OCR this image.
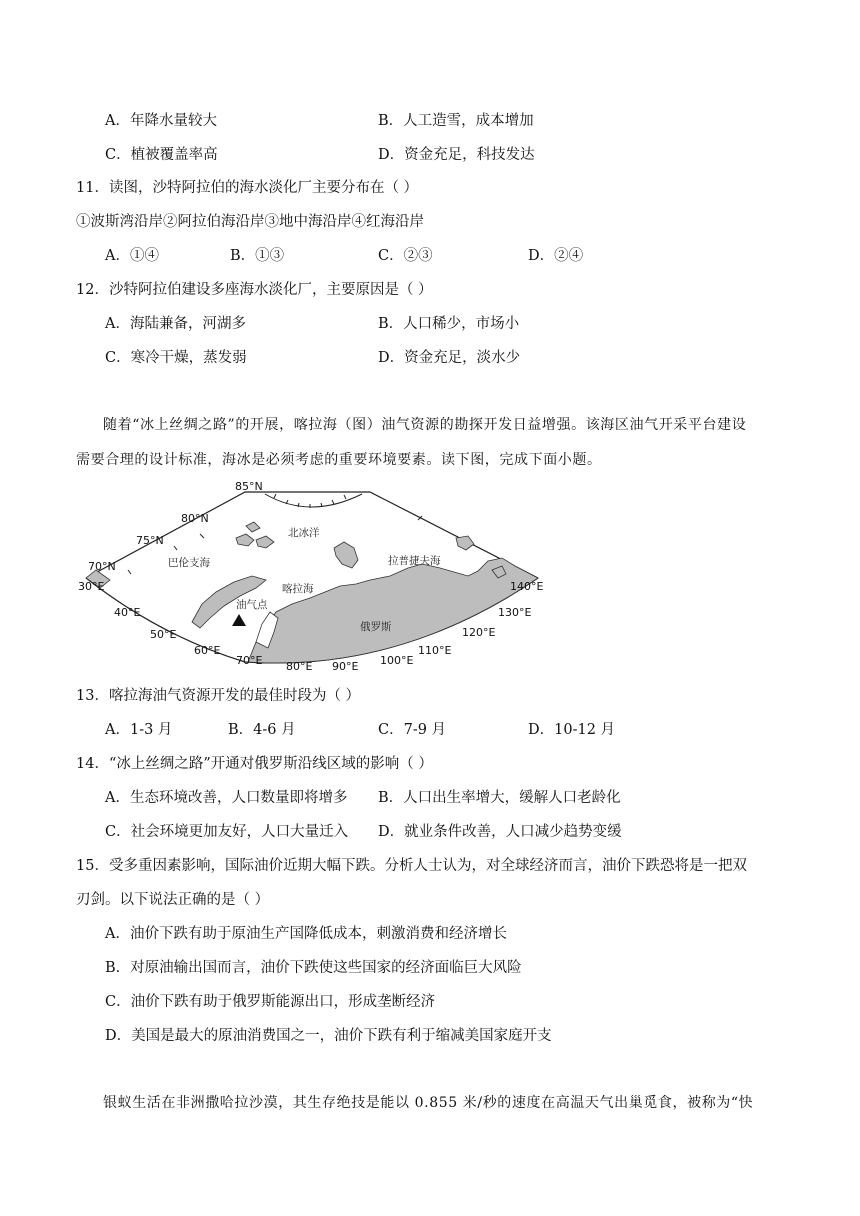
A．年降水量较大	B．人工造雪，成本增加
C．植被覆盖率高	D．资金充足，科技发达
11．读图，沙特阿拉伯的海水淡化厂主要分布在（ ）
①波斯湾沿岸②阿拉伯海沿岸③地中海沿岸④红海沿岸
A．①④	B．①③	C．②③	D．②④
12．沙特阿拉伯建设多座海水淡化厂，主要原因是（ ）
A．海陆兼备，河湖多	B．人口稀少，市场小
C．寒冷干燥，蒸发弱	D．资金充足，淡水少
随着“冰上丝绸之路”的开展，喀拉海（图）油气资源的勘探开发日益增强。该海区油气开采平台建设
需要合理的设计标准，海冰是必须考虑的重要环境要素。读下图，完成下面小题。
85°N
80°N
75°N
70°N
30°E
40°E
50°E
60°E
70°E 80°E 90°E 100°E
110°E
120°E
130°E
140°E
北冰洋
巴伦支海
喀拉海
拉普捷夫海
油气点
俄罗斯
13．喀拉海油气资源开发的最佳时段为（ ）
A．1-3 月	B．4-6 月	C．7-9 月	D．10-12 月
14．“冰上丝绸之路”开通对俄罗斯沿线区域的影响（ ）
A．生态环境改善，人口数量即将增多 B．人口出生率增大，缓解人口老龄化
C．社会环境更加友好，人口大量迁入 D．就业条件改善，人口减少趋势变缓
15．受多重因素影响，国际油价近期大幅下跌。分析人士认为，对全球经济而言，油价下跌恐将是一把双
刃剑。以下说法正确的是（ ）
A．油价下跌有助于原油生产国降低成本，刺激消费和经济增长
B．对原油输出国而言，油价下跌使这些国家的经济面临巨大风险
C．油价下跌有助于俄罗斯能源出口，形成垄断经济
D．美国是最大的原油消费国之一，油价下跌有利于缩减美国家庭开支
银蚁生活在非洲撒哈拉沙漠，其生存绝技是能以 0.855 米/秒的速度在高温天气出巢觅食，被称为“快
